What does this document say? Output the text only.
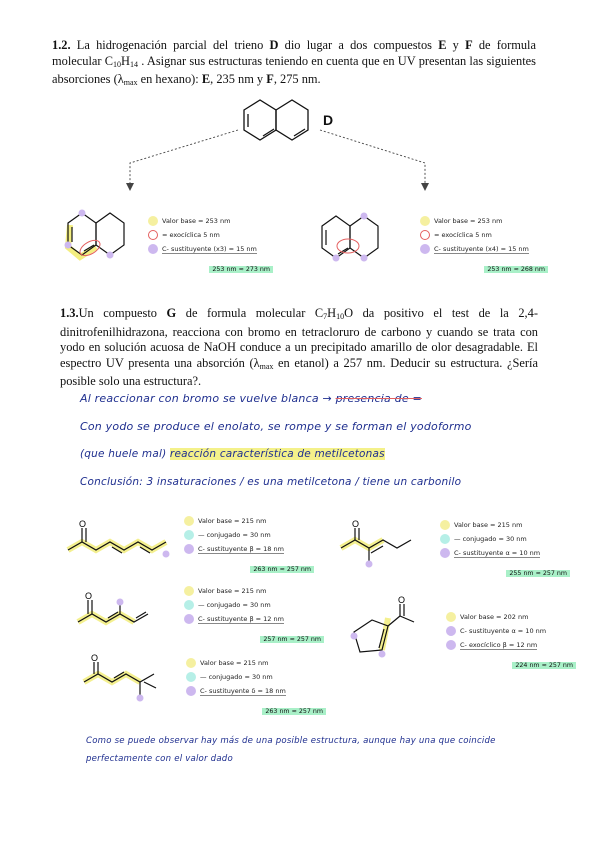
1.2. La hidrogenación parcial del trieno D dio lugar a dos compuestos E y F de formula molecular $C_{10}H_{14}$ . Asignar sus estructuras teniendo en cuenta que en UV presentan las siguientes absorciones ($\lambda_{max}$ en hexano): E, 235 nm y F, 275 nm.
D
Valor base = 253 nm
= exocíclica 5 nm
C- sustituyente (x3) = 15 nm
253 nm ≈ 273 nm
Valor base = 253 nm
= exocíclica 5 nm
C- sustituyente (x4) = 15 nm
253 nm ≈ 268 nm
1.3.Un compuesto G de formula molecular $C_7H_{10}O$ da positivo el test de la 2,4-dinitrofenilhidrazona, reacciona con bromo en tetracloruro de carbono y cuando se trata con yodo en solución acuosa de NaOH conduce a un precipitado amarillo de olor desagradable. El espectro UV presenta una absorción ($\lambda_{max}$ en etanol) a 257 nm. Deducir su estructura. ¿Sería posible solo una estructura?.
Al reaccionar con bromo se vuelve blanca → presencia de =
Con yodo se produce el enolato, se rompe y se forman el yodoformo
(que huele mal) reacción característica de metilcetonas
Conclusión: 3 insaturaciones / es una metilcetona / tiene un carbonilo
O	Valor base = 215 nm
— conjugado = 30 nm
C- sustituyente β = 18 nm
263 nm ≈ 257 nm
O	Valor base = 215 nm
— conjugado = 30 nm
C- sustituyente α = 10 nm
255 nm ≈ 257 nm
O	Valor base = 215 nm
— conjugado = 30 nm
C- sustituyente β = 12 nm
257 nm ≈ 257 nm
O
Valor base = 202 nm
C- sustituyente α = 10 nm
C- exocíclico β = 12 nm
224 nm ≈ 257 nm
O	Valor base = 215 nm
— conjugado = 30 nm
C- sustituyente δ = 18 nm
263 nm ≈ 257 nm
Como se puede observar hay más de una posible estructura, aunque hay una que coincide
perfectamente con el valor dado
